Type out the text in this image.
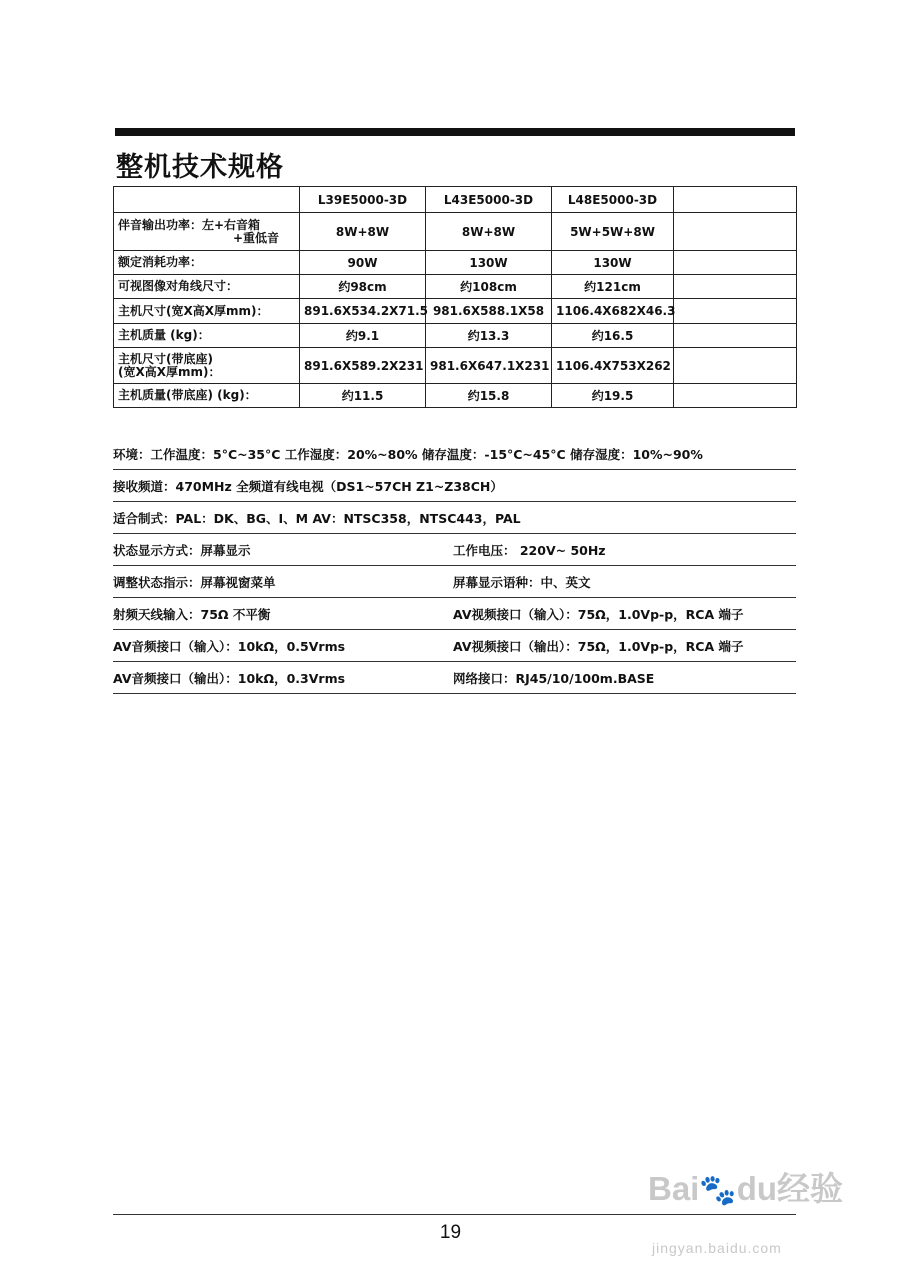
整机技术规格
	L39E5000-3D	L43E5000-3D	L48E5000-3D	

伴音输出功率：左+右音箱
+重低音	8W+8W	8W+8W	5W+5W+8W	

额定消耗功率：	90W	130W	130W	

可视图像对角线尺寸：	约98cm	约108cm	约121cm	

主机尺寸(宽X高X厚mm)：	891.6X534.2X71.5	981.6X588.1X58	1106.4X682X46.3	

主机质量 (kg)：	约9.1	约13.3	约16.5	

主机尺寸(带底座)
(宽X高X厚mm)：	891.6X589.2X231	981.6X647.1X231	1106.4X753X262	

主机质量(带底座) (kg)：	约11.5	约15.8	约19.5	
环境：工作温度：5°C~35°C 工作湿度：20%~80% 储存温度：-15°C~45°C 储存湿度：10%~90%
接收频道：470MHz 全频道有线电视（DS1~57CH Z1~Z38CH）
适合制式：PAL：DK、BG、I、M AV：NTSC358，NTSC443，PAL
状态显示方式：屏幕显示	工作电压： 220V~ 50Hz
调整状态指示：屏幕视窗菜单	屏幕显示语种：中、英文
射频天线输入：75Ω 不平衡	AV视频接口（输入）：75Ω，1.0Vp-p，RCA 端子
AV音频接口（输入）：10kΩ，0.5Vrms	AV视频接口（输出）：75Ω，1.0Vp-p，RCA 端子
AV音频接口（输出）：10kΩ，0.3Vrms	网络接口：RJ45/10/100m.BASE
Bai🐾du经验
jingyan.baidu.com
19
